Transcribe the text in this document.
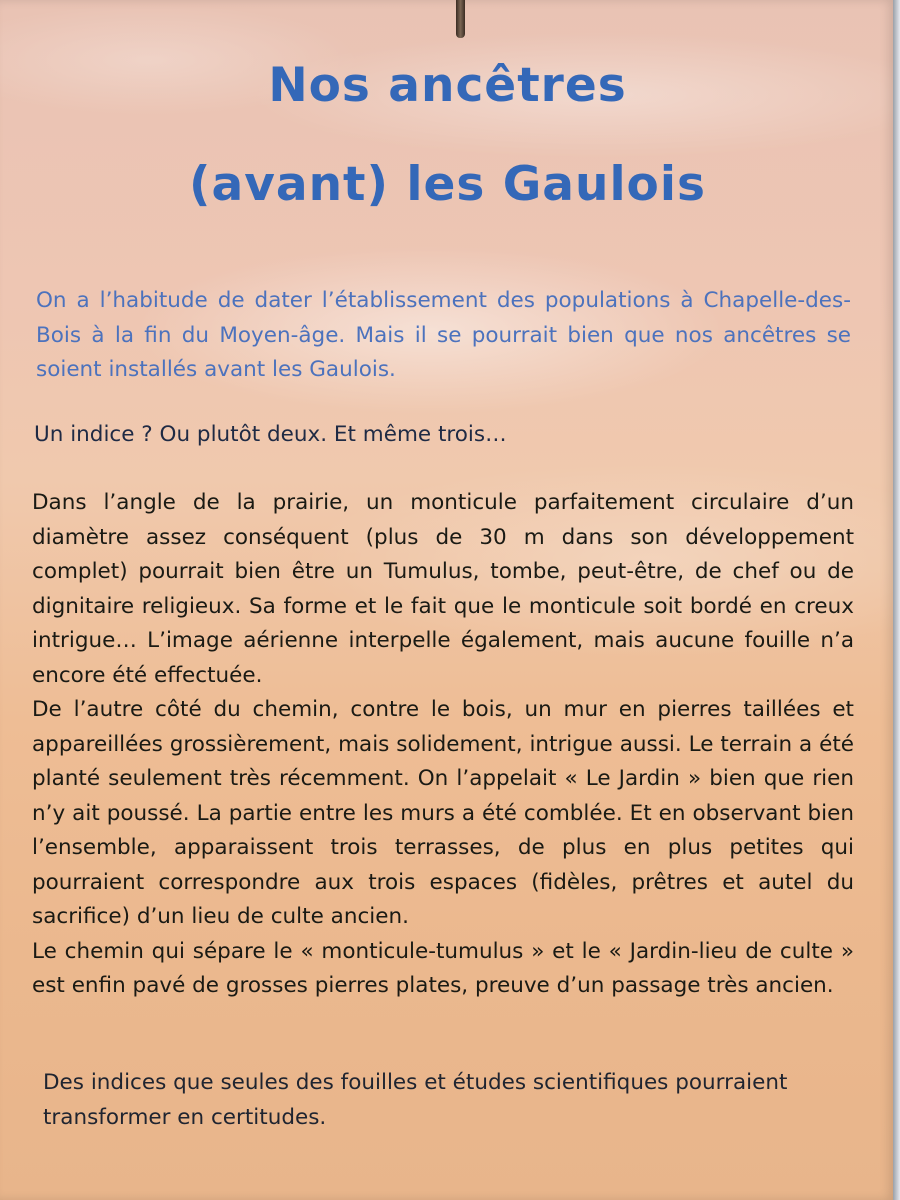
Nos ancêtres
(avant) les Gaulois

On a l’habitude de dater l’établissement des populations à Chapelle-des-Bois à la fin du Moyen-âge. Mais il se pourrait bien que nos ancêtres se soient installés avant les Gaulois.

Un indice ? Ou plutôt deux. Et même trois…

Dans l’angle de la prairie, un monticule parfaitement circulaire d’un diamètre assez conséquent (plus de 30 m dans son développement complet) pourrait bien être un Tumulus, tombe, peut-être, de chef ou de dignitaire religieux. Sa forme et le fait que le monticule soit bordé en creux intrigue… L’image aérienne interpelle également, mais aucune fouille n’a encore été effectuée.

De l’autre côté du chemin, contre le bois, un mur en pierres taillées et appareillées grossièrement, mais solidement, intrigue aussi. Le terrain a été planté seulement très récemment. On l’appelait « Le Jardin » bien que rien n’y ait poussé. La partie entre les murs a été comblée. Et en observant bien l’ensemble, apparaissent trois terrasses, de plus en plus petites qui pourraient correspondre aux trois espaces (fidèles, prêtres et autel du sacrifice) d’un lieu de culte ancien.

Le chemin qui sépare le « monticule-tumulus » et le « Jardin-lieu de culte » est enfin pavé de grosses pierres plates, preuve d’un passage très ancien.

Des indices que seules des fouilles et études scientifiques pourraient transformer en certitudes.
